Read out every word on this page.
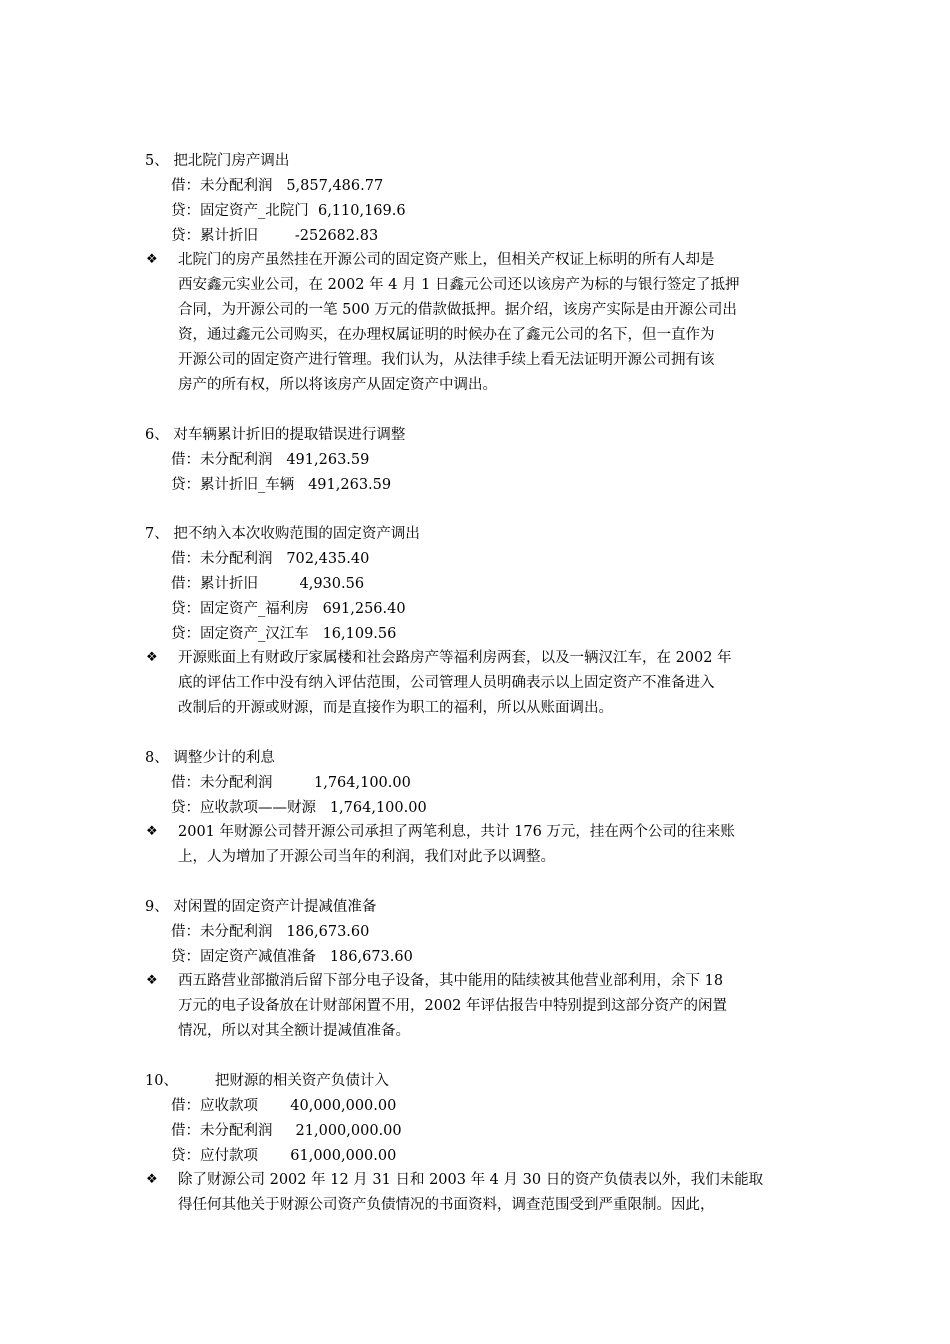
5、 把北院门房产调出
借：未分配利润   5,857,486.77
贷：固定资产_北院门  6,110,169.6
贷：累计折旧        -252682.83
❖ 北院门的房产虽然挂在开源公司的固定资产账上，但相关产权证上标明的所有人却是
西安鑫元实业公司，在 2002 年 4 月 1 日鑫元公司还以该房产为标的与银行签定了抵押
合同，为开源公司的一笔 500 万元的借款做抵押。据介绍，该房产实际是由开源公司出
资，通过鑫元公司购买，在办理权属证明的时候办在了鑫元公司的名下，但一直作为
开源公司的固定资产进行管理。我们认为，从法律手续上看无法证明开源公司拥有该
房产的所有权，所以将该房产从固定资产中调出。
6、 对车辆累计折旧的提取错误进行调整
借：未分配利润   491,263.59
贷：累计折旧_车辆   491,263.59
7、 把不纳入本次收购范围的固定资产调出
借：未分配利润   702,435.40
借：累计折旧         4,930.56
贷：固定资产_福利房   691,256.40
贷：固定资产_汉江车   16,109.56
❖ 开源账面上有财政厅家属楼和社会路房产等福利房两套，以及一辆汉江车，在 2002 年
底的评估工作中没有纳入评估范围，公司管理人员明确表示以上固定资产不准备进入
改制后的开源或财源，而是直接作为职工的福利，所以从账面调出。
8、 调整少计的利息
借：未分配利润         1,764,100.00
贷：应收款项——财源   1,764,100.00
❖ 2001 年财源公司替开源公司承担了两笔利息，共计 176 万元，挂在两个公司的往来账
上，人为增加了开源公司当年的利润，我们对此予以调整。
9、 对闲置的固定资产计提减值准备
借：未分配利润   186,673.60
贷：固定资产减值准备   186,673.60
❖ 西五路营业部撤消后留下部分电子设备，其中能用的陆续被其他营业部利用，余下 18
万元的电子设备放在计财部闲置不用，2002 年评估报告中特别提到这部分资产的闲置
情况，所以对其全额计提减值准备。
10、        把财源的相关资产负债计入
借：应收款项       40,000,000.00
借：未分配利润     21,000,000.00
贷：应付款项       61,000,000.00
❖ 除了财源公司 2002 年 12 月 31 日和 2003 年 4 月 30 日的资产负债表以外，我们未能取
得任何其他关于财源公司资产负债情况的书面资料，调查范围受到严重限制。因此，
